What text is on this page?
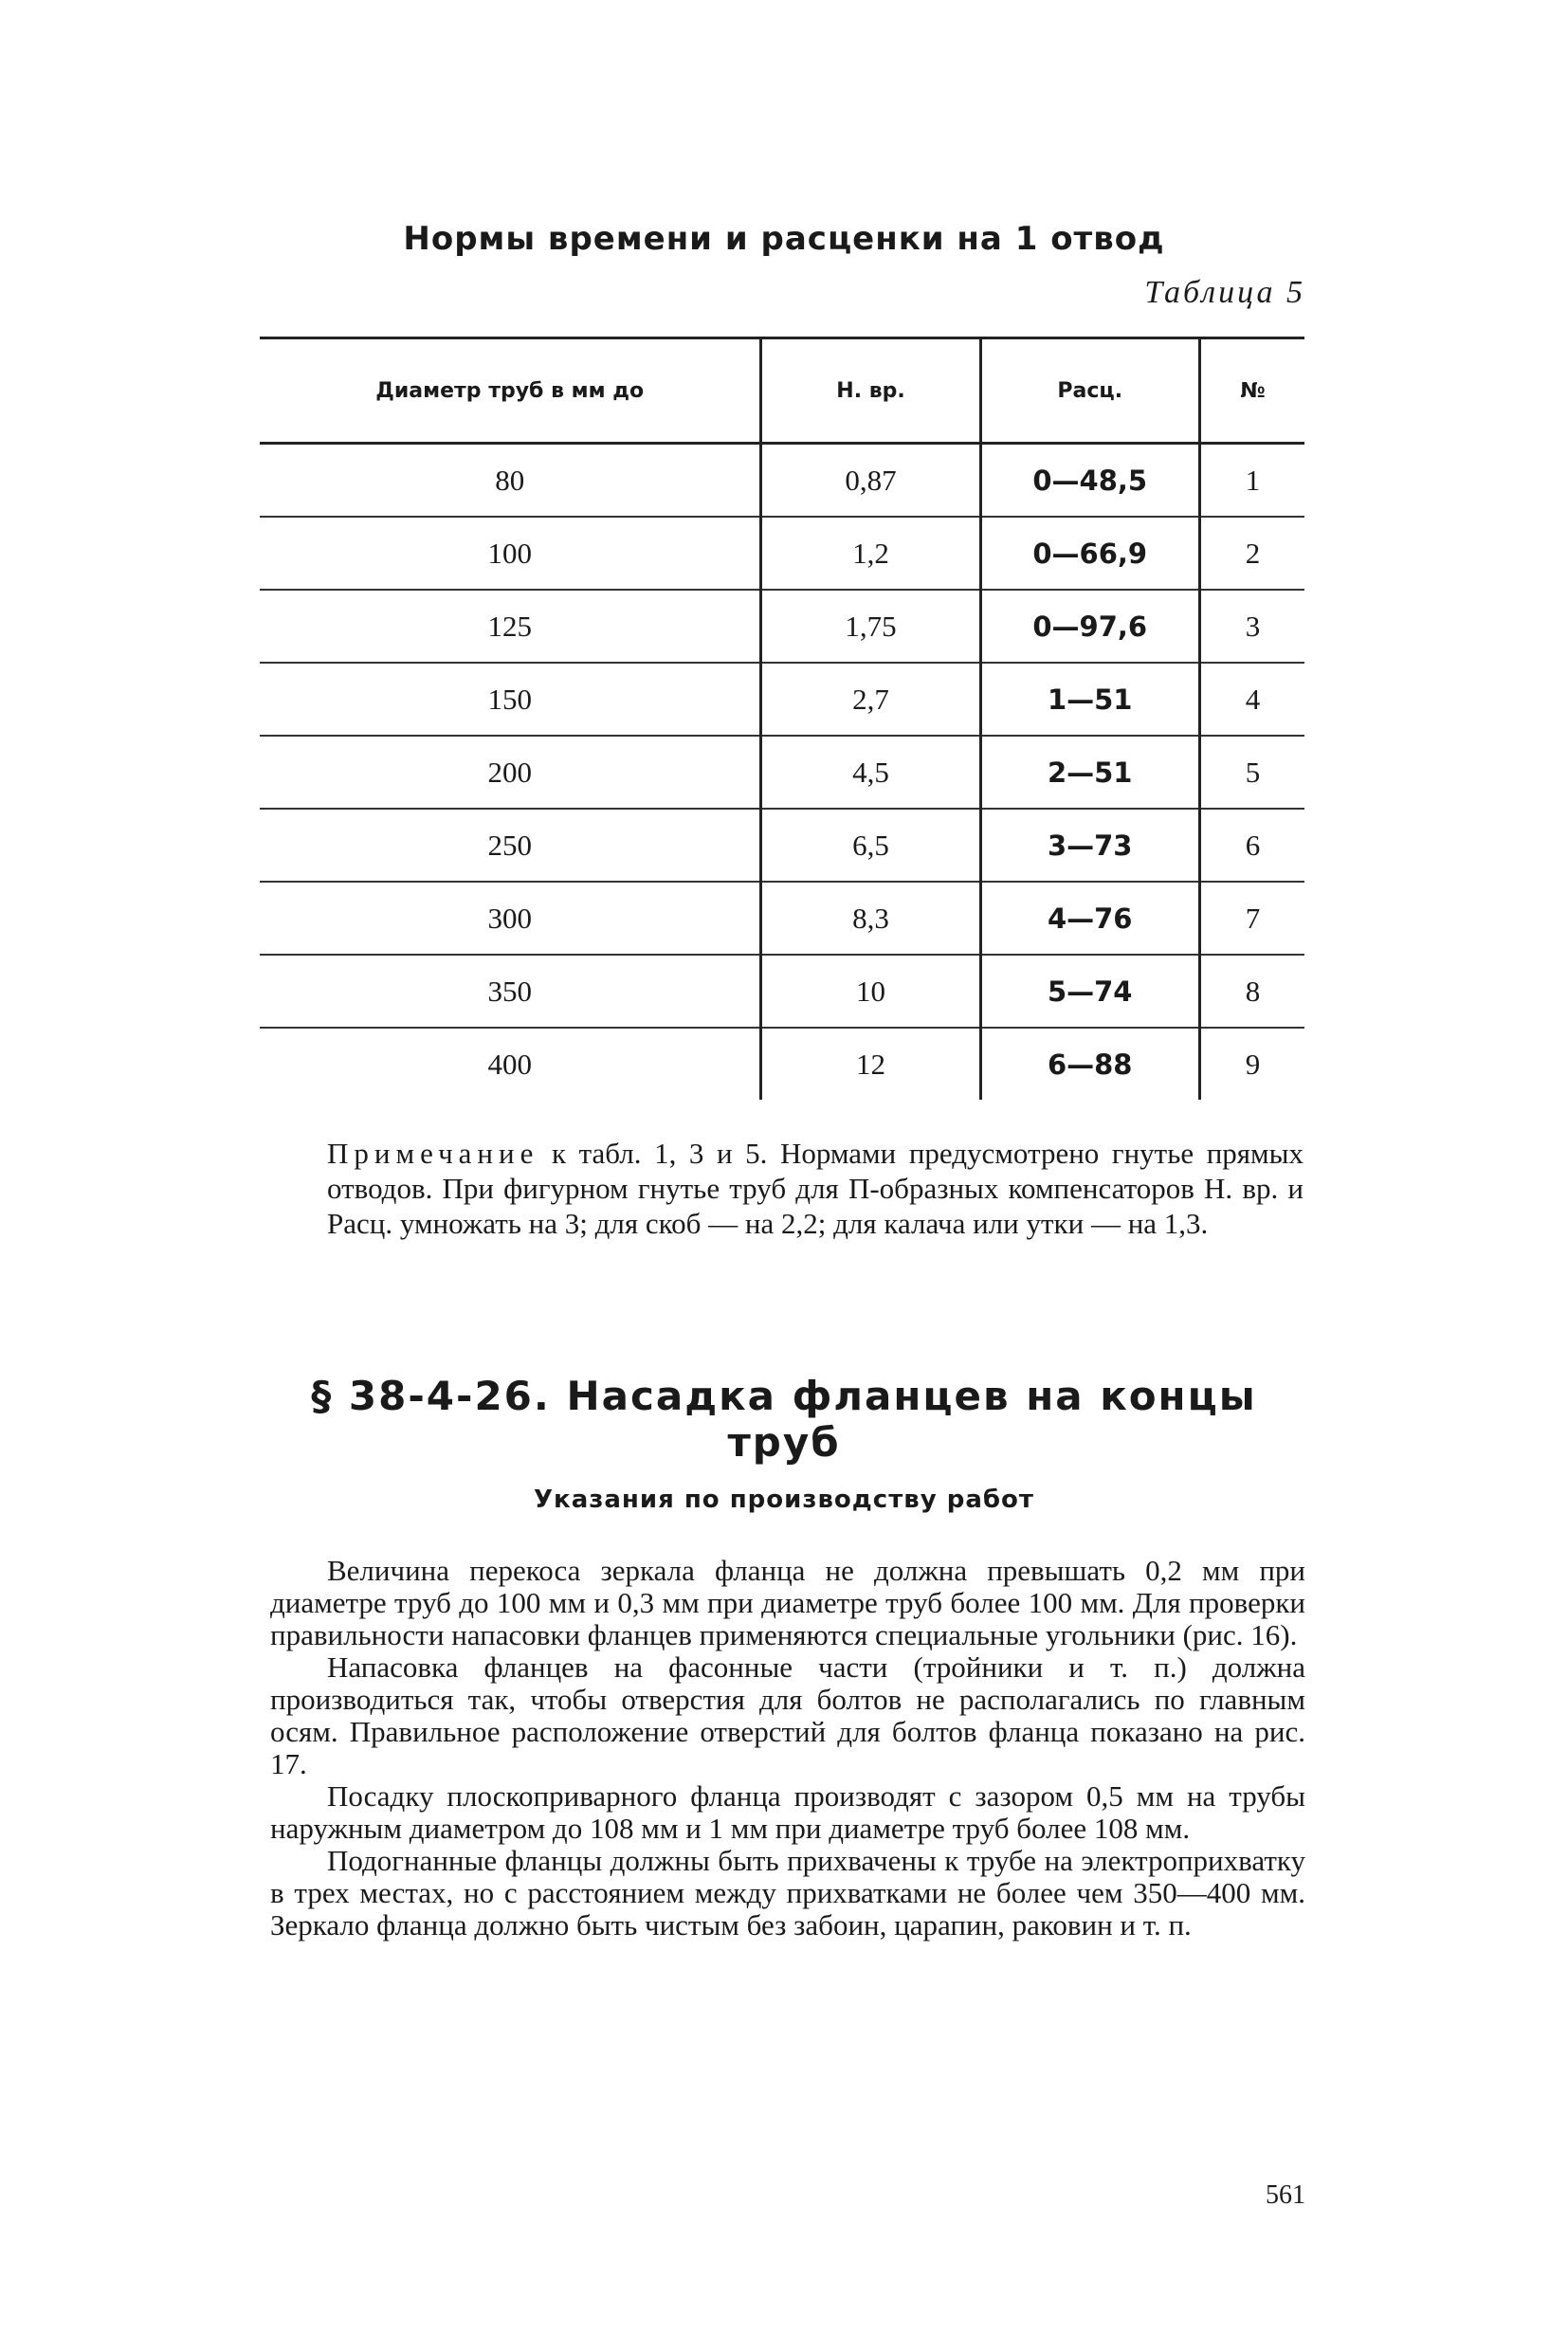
Нормы времени и расценки на 1 отвод
Таблица 5
Диаметр труб в мм до	Н. вр.	Расц.	№
80	0,87	0—48,5	1
100	1,2	0—66,9	2
125	1,75	0—97,6	3
150	2,7	1—51	4
200	4,5	2—51	5
250	6,5	3—73	6
300	8,3	4—76	7
350	10	5—74	8
400	12	6—88	9

Примечание к табл. 1, 3 и 5. Нормами предусмотрено гнутье прямых отводов. При фигурном гнутье труб для П-образных компенсаторов Н. вр. и Расц. умножать на 3; для скоб — на 2,2; для калача или утки — на 1,3.

§ 38-4-26. Насадка фланцев на концы труб
Указания по производству работ

Величина перекоса зеркала фланца не должна превышать 0,2 мм при диаметре труб до 100 мм и 0,3 мм при диаметре труб более 100 мм. Для проверки правильности напасовки фланцев применяются специальные угольники (рис. 16).

Напасовка фланцев на фасонные части (тройники и т. п.) должна производиться так, чтобы отверстия для болтов не располагались по главным осям. Правильное расположение отверстий для болтов фланца показано на рис. 17.

Посадку плоскоприварного фланца производят с зазором 0,5 мм на трубы наружным диаметром до 108 мм и 1 мм при диаметре труб более 108 мм.

Подогнанные фланцы должны быть прихвачены к трубе на электроприхватку в трех местах, но с расстоянием между прихватками не более чем 350—400 мм. Зеркало фланца должно быть чистым без забоин, царапин, раковин и т. п.

561
